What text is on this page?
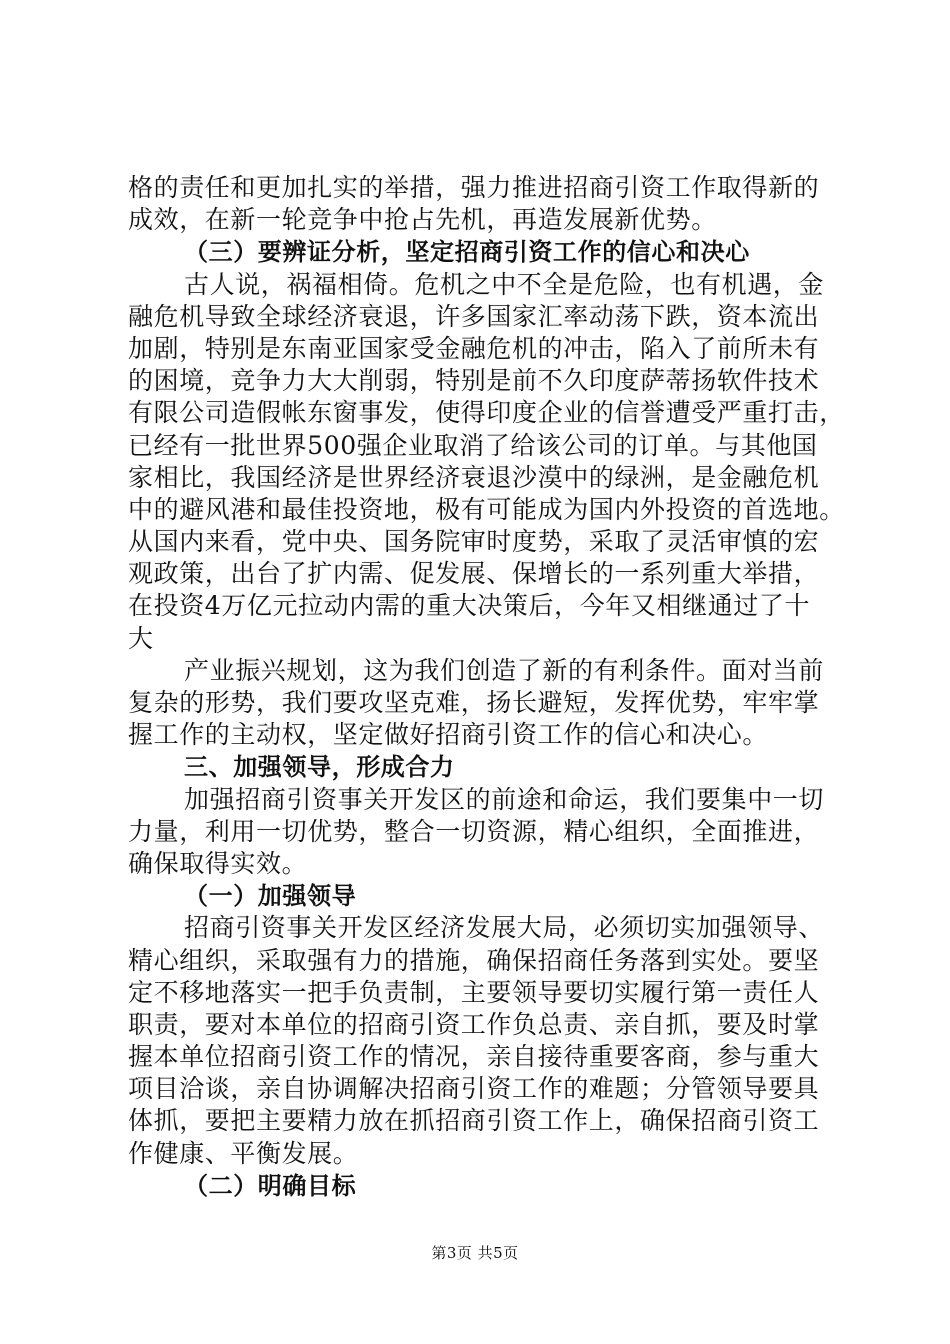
格的责任和更加扎实的举措，强力推进招商引资工作取得新的
成效，在新一轮竞争中抢占先机，再造发展新优势。
（三）要辨证分析，坚定招商引资工作的信心和决心
古人说，祸福相倚。危机之中不全是危险，也有机遇，金
融危机导致全球经济衰退，许多国家汇率动荡下跌，资本流出
加剧，特别是东南亚国家受金融危机的冲击，陷入了前所未有
的困境，竞争力大大削弱，特别是前不久印度萨蒂扬软件技术
有限公司造假帐东窗事发，使得印度企业的信誉遭受严重打击，
已经有一批世界500强企业取消了给该公司的订单。与其他国
家相比，我国经济是世界经济衰退沙漠中的绿洲，是金融危机
中的避风港和最佳投资地，极有可能成为国内外投资的首选地。
从国内来看，党中央、国务院审时度势，采取了灵活审慎的宏
观政策，出台了扩内需、促发展、保增长的一系列重大举措，
在投资4万亿元拉动内需的重大决策后，今年又相继通过了十
大
产业振兴规划，这为我们创造了新的有利条件。面对当前
复杂的形势，我们要攻坚克难，扬长避短，发挥优势，牢牢掌
握工作的主动权，坚定做好招商引资工作的信心和决心。
三、加强领导，形成合力
加强招商引资事关开发区的前途和命运，我们要集中一切
力量，利用一切优势，整合一切资源，精心组织，全面推进，
确保取得实效。
（一）加强领导
招商引资事关开发区经济发展大局，必须切实加强领导、
精心组织，采取强有力的措施，确保招商任务落到实处。要坚
定不移地落实一把手负责制，主要领导要切实履行第一责任人
职责，要对本单位的招商引资工作负总责、亲自抓，要及时掌
握本单位招商引资工作的情况，亲自接待重要客商，参与重大
项目洽谈，亲自协调解决招商引资工作的难题；分管领导要具
体抓，要把主要精力放在抓招商引资工作上，确保招商引资工
作健康、平衡发展。
（二）明确目标
第3页 共5页
